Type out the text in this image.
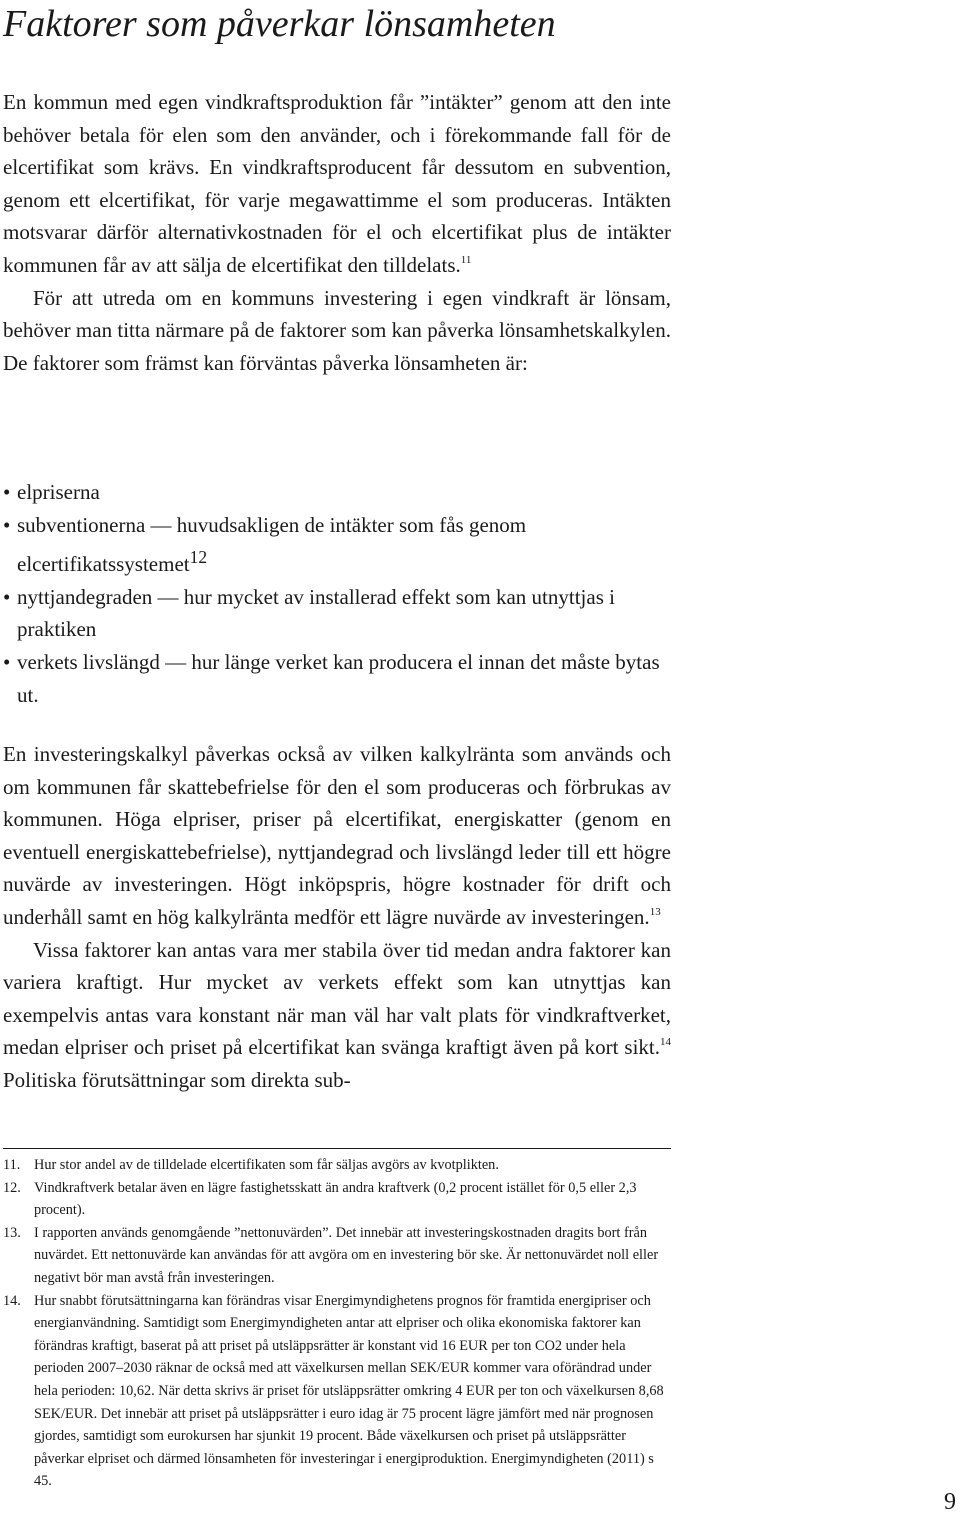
Faktorer som påverkar lönsamheten

En kommun med egen vindkraftsproduktion får ”intäkter” genom att den inte behöver betala för elen som den använder, och i förekommande fall för de elcertifikat som krävs. En vindkraftsproducent får dessutom en subvention, genom ett elcertifikat, för varje megawattimme el som produceras. Intäkten motsvarar därför alternativkostnaden för el och elcertifikat plus de intäkter kommunen får av att sälja de elcertifikat den tilldelats.$^{11}$

För att utreda om en kommuns investering i egen vindkraft är lönsam, behöver man titta närmare på de faktorer som kan påverka lönsamhetskalkylen. De faktorer som främst kan förväntas påverka lönsamheten är:

• elpriserna
• subventionerna — huvudsakligen de intäkter som fås genom elcertifikatssystemet$^{12}$
• nyttjandegraden — hur mycket av installerad effekt som kan utnyttjas i praktiken
• verkets livslängd — hur länge verket kan producera el innan det måste bytas ut.

En investeringskalkyl påverkas också av vilken kalkylränta som används och om kommunen får skattebefrielse för den el som produceras och förbrukas av kommunen. Höga elpriser, priser på elcertifikat, energiskatter (genom en eventuell energiskattebefrielse), nyttjandegrad och livslängd leder till ett högre nuvärde av investeringen. Högt inköpspris, högre kostnader för drift och underhåll samt en hög kalkylränta medför ett lägre nuvärde av investeringen.$^{13}$

Vissa faktorer kan antas vara mer stabila över tid medan andra faktorer kan variera kraftigt. Hur mycket av verkets effekt som kan utnyttjas kan exempelvis antas vara konstant när man väl har valt plats för vindkraftverket, medan elpriser och priset på elcertifikat kan svänga kraftigt även på kort sikt.$^{14}$ Politiska förutsättningar som direkta sub-

11. Hur stor andel av de tilldelade elcertifikaten som får säljas avgörs av kvotplikten.
12. Vindkraftverk betalar även en lägre fastighetsskatt än andra kraftverk (0,2 procent istället för 0,5 eller 2,3 procent).
13. I rapporten används genomgående ”nettonuvärden”. Det innebär att investeringskostnaden dragits bort från nuvärdet. Ett nettonuvärde kan användas för att avgöra om en investering bör ske. Är nettonuvärdet noll eller negativt bör man avstå från investeringen.
14. Hur snabbt förutsättningarna kan förändras visar Energimyndighetens prognos för framtida energipriser och energianvändning. Samtidigt som Energimyndigheten antar att elpriser och olika ekonomiska faktorer kan förändras kraftigt, baserat på att priset på utsläppsrätter är konstant vid 16 EUR per ton CO2 under hela perioden 2007–2030 räknar de också med att växelkursen mellan SEK/EUR kommer vara oförändrad under hela perioden: 10,62. När detta skrivs är priset för utsläppsrätter omkring 4 EUR per ton och växelkursen 8,68 SEK/EUR. Det innebär att priset på utsläppsrätter i euro idag är 75 procent lägre jämfört med när prognosen gjordes, samtidigt som eurokursen har sjunkit 19 procent. Både växelkursen och priset på utsläppsrätter påverkar elpriset och därmed lönsamheten för investeringar i energiproduktion. Energimyndigheten (2011) s 45.
9
